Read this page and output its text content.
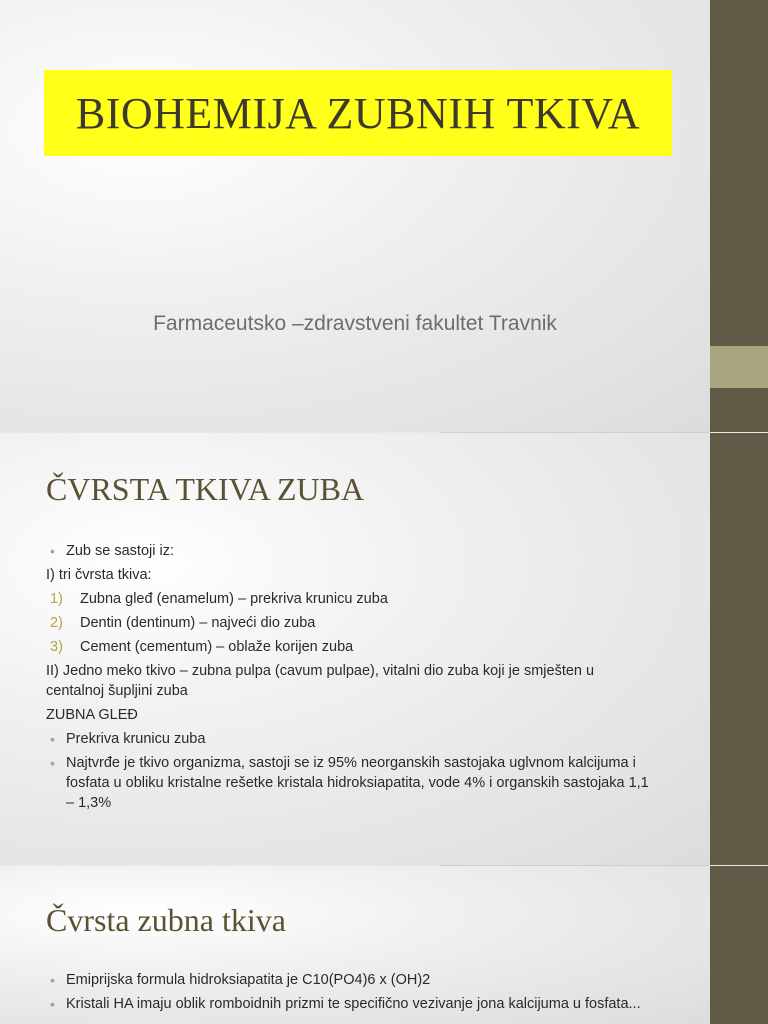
BIOHEMIJA ZUBNIH TKIVA
Farmaceutsko –zdravstveni fakultet Travnik
ČVRSTA TKIVA ZUBA
• Zub se sastoji iz:
I) tri čvrsta tkiva:
1) Zubna gleđ (enamelum) – prekriva krunicu zuba
2) Dentin (dentinum) – najveći dio zuba
3) Cement (cementum) – oblaže korijen zuba
II) Jedno meko tkivo – zubna pulpa (cavum pulpae), vitalni dio zuba koji je smješten u centalnoj šupljini zuba
ZUBNA GLEĐ
• Prekriva krunicu zuba
• Najtvrđe je tkivo organizma, sastoji se iz 95% neorganskih sastojaka uglvnom kalcijuma i fosfata u obliku kristalne rešetke kristala hidroksiapatita, vode 4% i organskih sastojaka 1,1 – 1,3%
Čvrsta zubna tkiva
• Emiprijska formula hidroksiapatita je C10(PO4)6 x (OH)2
• Kristali HA imaju oblik romboidnih prizmi te specifično vezivanje jona kalcijuma u fosfata...
